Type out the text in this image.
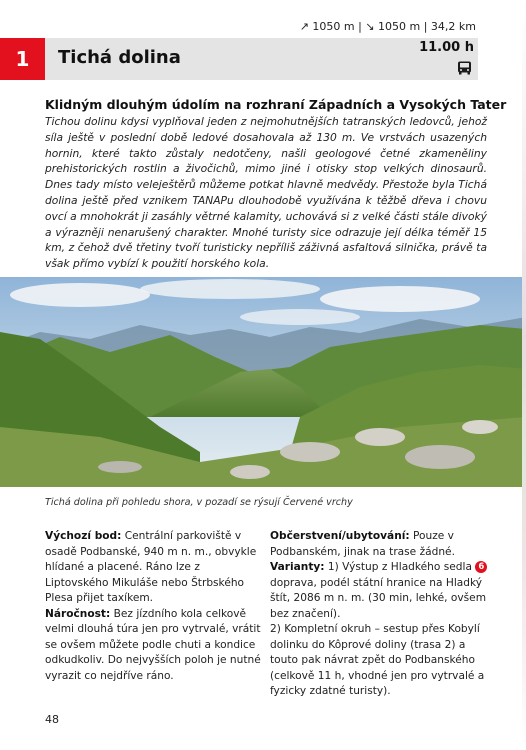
↗ 1050 m | ↘ 1050 m | 34,2 km
1	Tichá dolina	11.00 h
Klidným dlouhým údolím na rozhraní Západních a Vysokých Tater

Tichou dolinu kdysi vyplňoval jeden z nejmohutnějších tatranských ledovců, jehož síla ještě v poslední době ledové dosahovala až 130 m. Ve vrstvách usazených hornin, které takto zůstaly nedotčeny, našli geologové četné zkameněliny prehistorických rostlin a živočichů, mimo jiné i otisky stop velkých dinosaurů. Dnes tady místo veleještěrů můžeme potkat hlavně medvědy. Přestože byla Tichá dolina ještě před vznikem TANAPu dlouhodobě využívána k těžbě dřeva i chovu ovcí a mnohokrát ji zasáhly větrné kalamity, uchovává si z velké části stále divoký a výrazněji nenarušený charakter. Mnohé turisty sice odrazuje její délka téměř 15 km, z čehož dvě třetiny tvoří turisticky nepříliš záživná asfaltová silnička, právě ta však přímo vybízí k použití horského kola.

Tichá dolina při pohledu shora, v pozadí se rýsují Červené vrchy

Výchozí bod: Centrální parkoviště v osadě Podbanské, 940 m n. m., obvykle hlídané a placené. Ráno lze z Liptovského Mikuláše nebo Štrbského Plesa přijet taxíkem.

Náročnost: Bez jízdního kola celkově velmi dlouhá túra jen pro vytrvalé, vrátit se ovšem můžete podle chuti a kondice odkudkoliv. Do nejvyšších poloh je nutné vyrazit co nejdříve ráno.

Občerstvení/ubytování: Pouze v Podbanském, jinak na trase žádné.

Varianty: 1) Výstup z Hladkého sedla 6 doprava, podél státní hranice na Hladký štít, 2086 m n. m. (30 min, lehké, ovšem bez značení).

2) Kompletní okruh – sestup přes Kobylí dolinku do Kôprové doliny (trasa 2) a touto pak návrat zpět do Podbanského (celkově 11 h, vhodné jen pro vytrvalé a fyzicky zdatné turisty).

48
